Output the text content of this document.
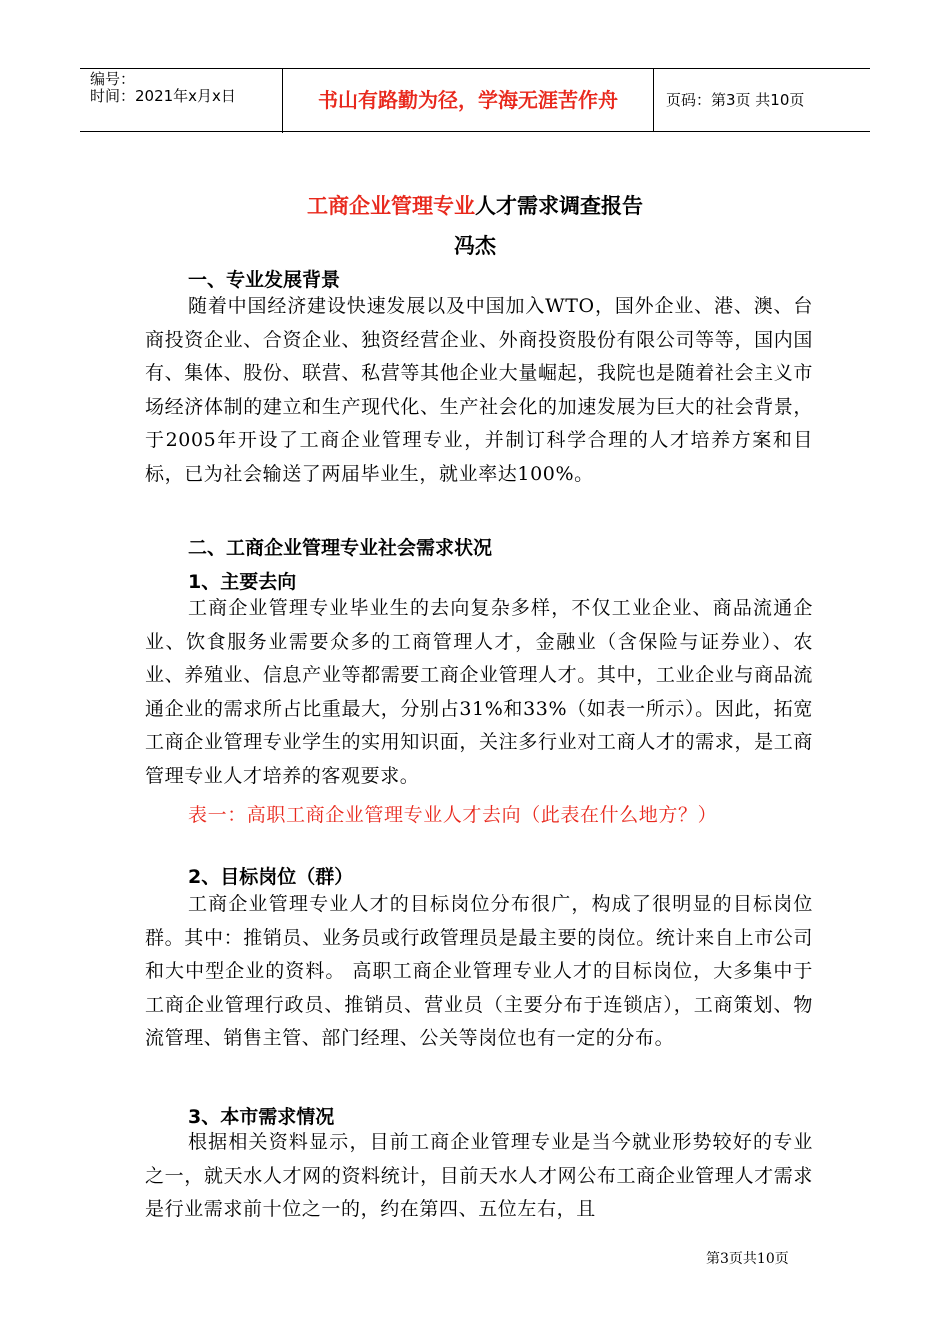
编号：
时间：2021年x月x日	书山有路勤为径，学海无涯苦作舟	页码：第3页 共10页
工商企业管理专业人才需求调查报告
冯杰
一、专业发展背景

随着中国经济建设快速发展以及中国加入WTO，国外企业、港、澳、台商投资企业、合资企业、独资经营企业、外商投资股份有限公司等等，国内国有、集体、股份、联营、私营等其他企业大量崛起，我院也是随着社会主义市场经济体制的建立和生产现代化、生产社会化的加速发展为巨大的社会背景，于2005年开设了工商企业管理专业，并制订科学合理的人才培养方案和目标，已为社会输送了两届毕业生，就业率达100%。

二、工商企业管理专业社会需求状况
1、主要去向

工商企业管理专业毕业生的去向复杂多样，不仅工业企业、商品流通企业、饮食服务业需要众多的工商管理人才，金融业（含保险与证券业）、农业、养殖业、信息产业等都需要工商企业管理人才。其中，工业企业与商品流通企业的需求所占比重最大，分别占31%和33%（如表一所示）。因此，拓宽工商企业管理专业学生的实用知识面，关注多行业对工商人才的需求，是工商管理专业人才培养的客观要求。

表一：高职工商企业管理专业人才去向（此表在什么地方？）
2、目标岗位（群）

工商企业管理专业人才的目标岗位分布很广，构成了很明显的目标岗位群。其中：推销员、业务员或行政管理员是最主要的岗位。统计来自上市公司和大中型企业的资料。 高职工商企业管理专业人才的目标岗位，大多集中于工商企业管理行政员、推销员、营业员（主要分布于连锁店），工商策划、物流管理、销售主管、部门经理、公关等岗位也有一定的分布。

3、本市需求情况

根据相关资料显示，目前工商企业管理专业是当今就业形势较好的专业之一，就天水人才网的资料统计，目前天水人才网公布工商企业管理人才需求是行业需求前十位之一的，约在第四、五位左右，且

第3页共10页
